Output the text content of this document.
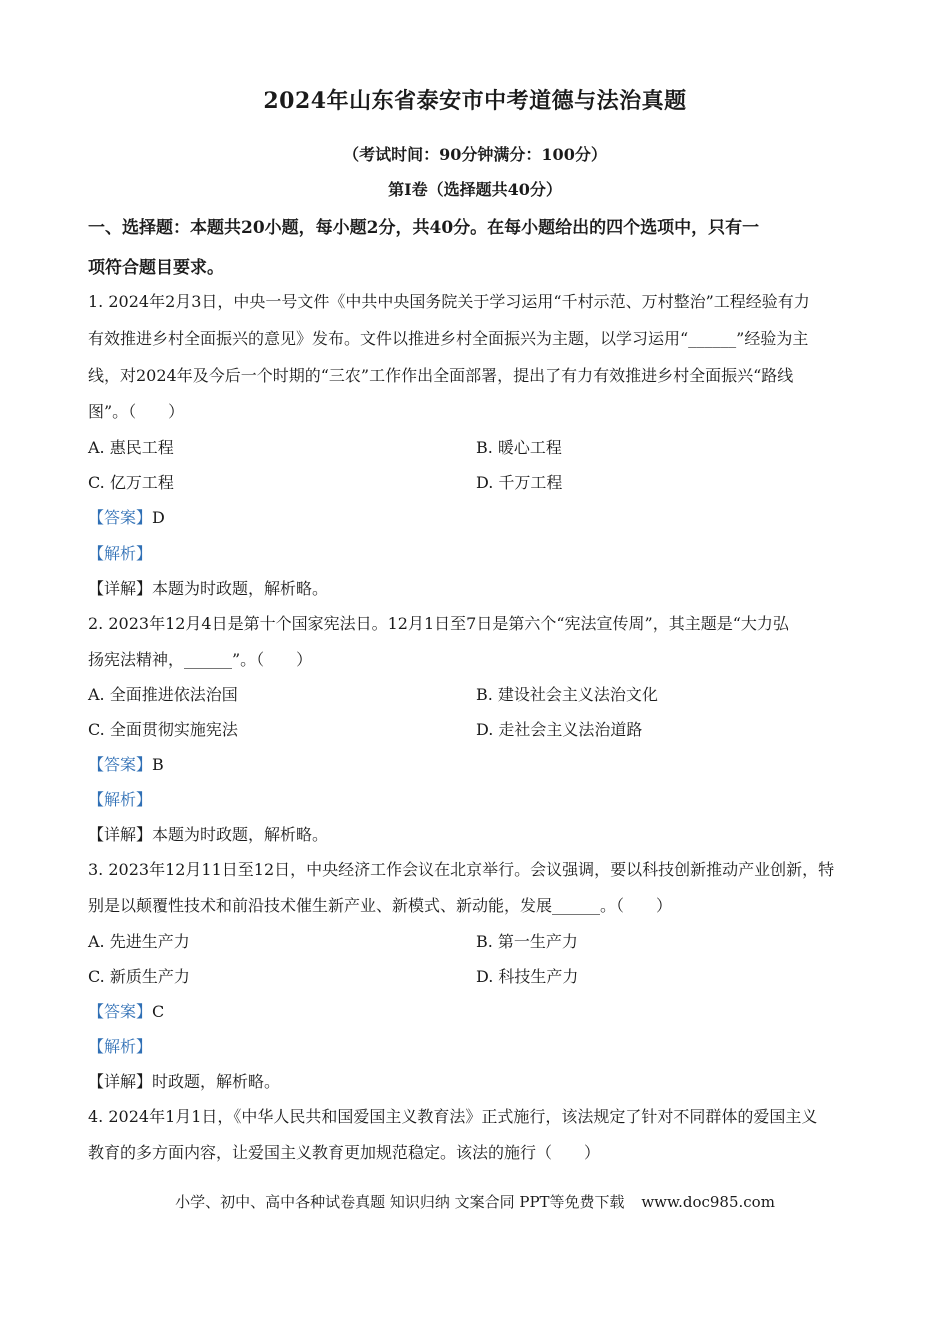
2024年山东省泰安市中考道德与法治真题
（考试时间：90分钟满分：100分）
第Ⅰ卷（选择题共40分）
一、选择题：本题共20小题，每小题2分，共40分。在每小题给出的四个选项中，只有一
项符合题目要求。
1. 2024年2月3日，中央一号文件《中共中央国务院关于学习运用“千村示范、万村整治”工程经验有力
有效推进乡村全面振兴的意见》发布。文件以推进乡村全面振兴为主题，以学习运用“______”经验为主
线，对2024年及今后一个时期的“三农”工作作出全面部署，提出了有力有效推进乡村全面振兴“路线
图”。（　　）
A. 惠民工程	B. 暖心工程
C. 亿万工程	D. 千万工程
【答案】D
【解析】
【详解】本题为时政题，解析略。
2. 2023年12月4日是第十个国家宪法日。12月1日至7日是第六个“宪法宣传周”，其主题是“大力弘
扬宪法精神，______”。（　　）
A. 全面推进依法治国	B. 建设社会主义法治文化
C. 全面贯彻实施宪法	D. 走社会主义法治道路
【答案】B
【解析】
【详解】本题为时政题，解析略。
3. 2023年12月11日至12日，中央经济工作会议在北京举行。会议强调，要以科技创新推动产业创新，特
别是以颠覆性技术和前沿技术催生新产业、新模式、新动能，发展______。（　　）
A. 先进生产力	B. 第一生产力
C. 新质生产力	D. 科技生产力
【答案】C
【解析】
【详解】时政题，解析略。
4. 2024年1月1日，《中华人民共和国爱国主义教育法》正式施行，该法规定了针对不同群体的爱国主义
教育的多方面内容，让爱国主义教育更加规范稳定。该法的施行（　　）
小学、初中、高中各种试卷真题 知识归纳 文案合同 PPT等免费下载 www.doc985.com
